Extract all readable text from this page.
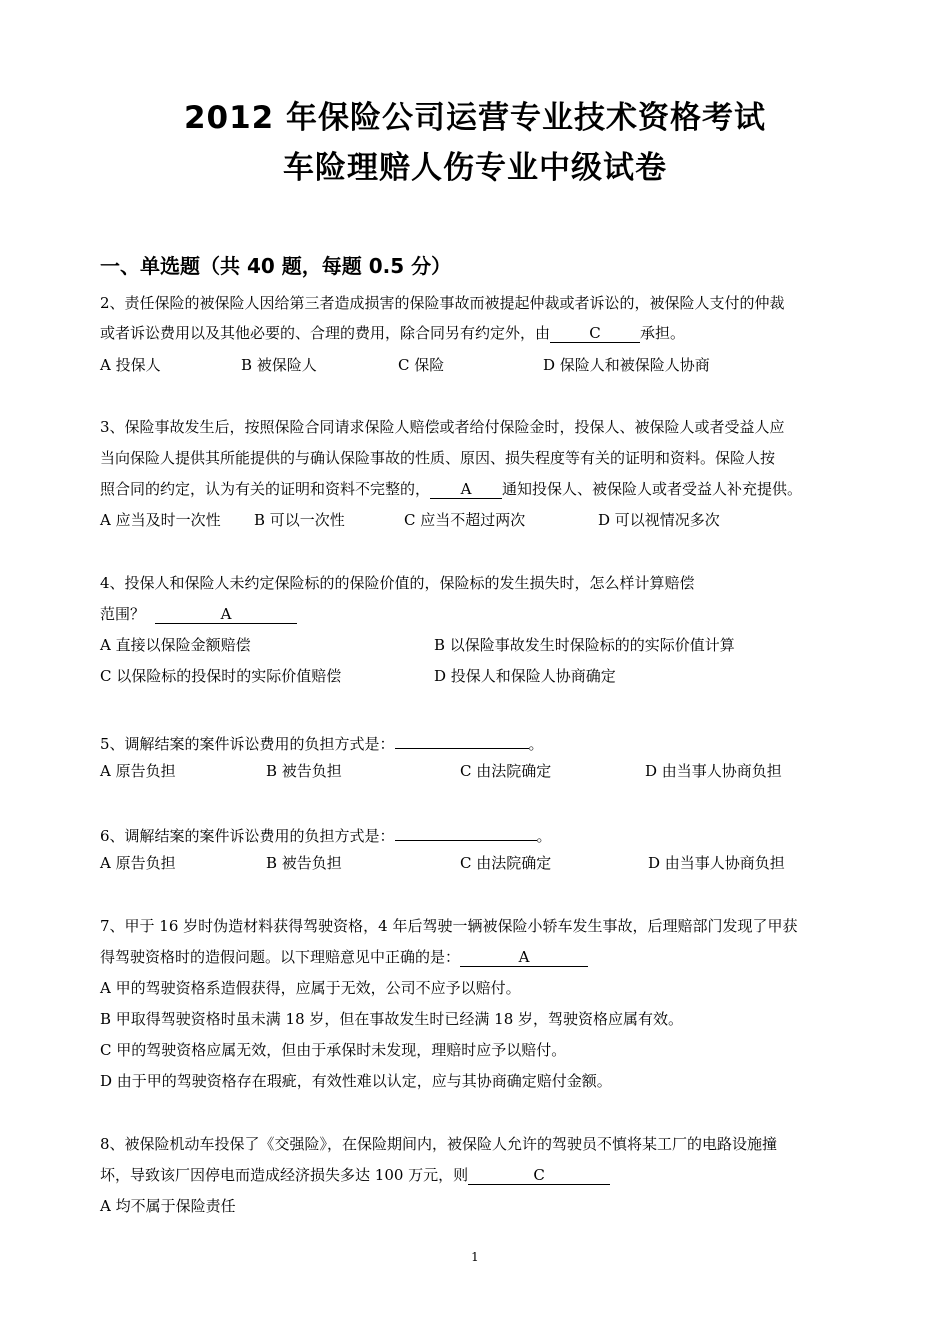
2012 年保险公司运营专业技术资格考试
车险理赔人伤专业中级试卷
一、单选题（共 40 题，每题 0.5 分）
2、责任保险的被保险人因给第三者造成损害的保险事故而被提起仲裁或者诉讼的，被保险人支付的仲裁
或者诉讼费用以及其他必要的、合理的费用，除合同另有约定外，由	C	承担。
A 投保人	B 被保险人	C 保险	D 保险人和被保险人协商
3、保险事故发生后，按照保险合同请求保险人赔偿或者给付保险金时，投保人、被保险人或者受益人应
当向保险人提供其所能提供的与确认保险事故的性质、原因、损失程度等有关的证明和资料。保险人按
照合同的约定，认为有关的证明和资料不完整的， A 通知投保人、被保险人或者受益人补充提供。
A 应当及时一次性 B 可以一次性	C 应当不超过两次	D 可以视情况多次
4、投保人和保险人未约定保险标的的保险价值的，保险标的发生损失时，怎么样计算赔偿
范围？	A
A 直接以保险金额赔偿	B 以保险事故发生时保险标的的实际价值计算
C 以保险标的投保时的实际价值赔偿	D 投保人和保险人协商确定
5、调解结案的案件诉讼费用的负担方式是：	。
A 原告负担	B 被告负担	C 由法院确定	D 由当事人协商负担
6、调解结案的案件诉讼费用的负担方式是：	。
A 原告负担	B 被告负担	C 由法院确定	D 由当事人协商负担
7、甲于 16 岁时伪造材料获得驾驶资格，4 年后驾驶一辆被保险小轿车发生事故，后理赔部门发现了甲获
得驾驶资格时的造假问题。以下理赔意见中正确的是：	A
A 甲的驾驶资格系造假获得，应属于无效，公司不应予以赔付。
B 甲取得驾驶资格时虽未满 18 岁，但在事故发生时已经满 18 岁，驾驶资格应属有效。
C 甲的驾驶资格应属无效，但由于承保时未发现，理赔时应予以赔付。
D 由于甲的驾驶资格存在瑕疵，有效性难以认定，应与其协商确定赔付金额。
8、被保险机动车投保了《交强险》，在保险期间内，被保险人允许的驾驶员不慎将某工厂的电路设施撞
坏，导致该厂因停电而造成经济损失多达 100 万元，则	C
A 均不属于保险责任
1
